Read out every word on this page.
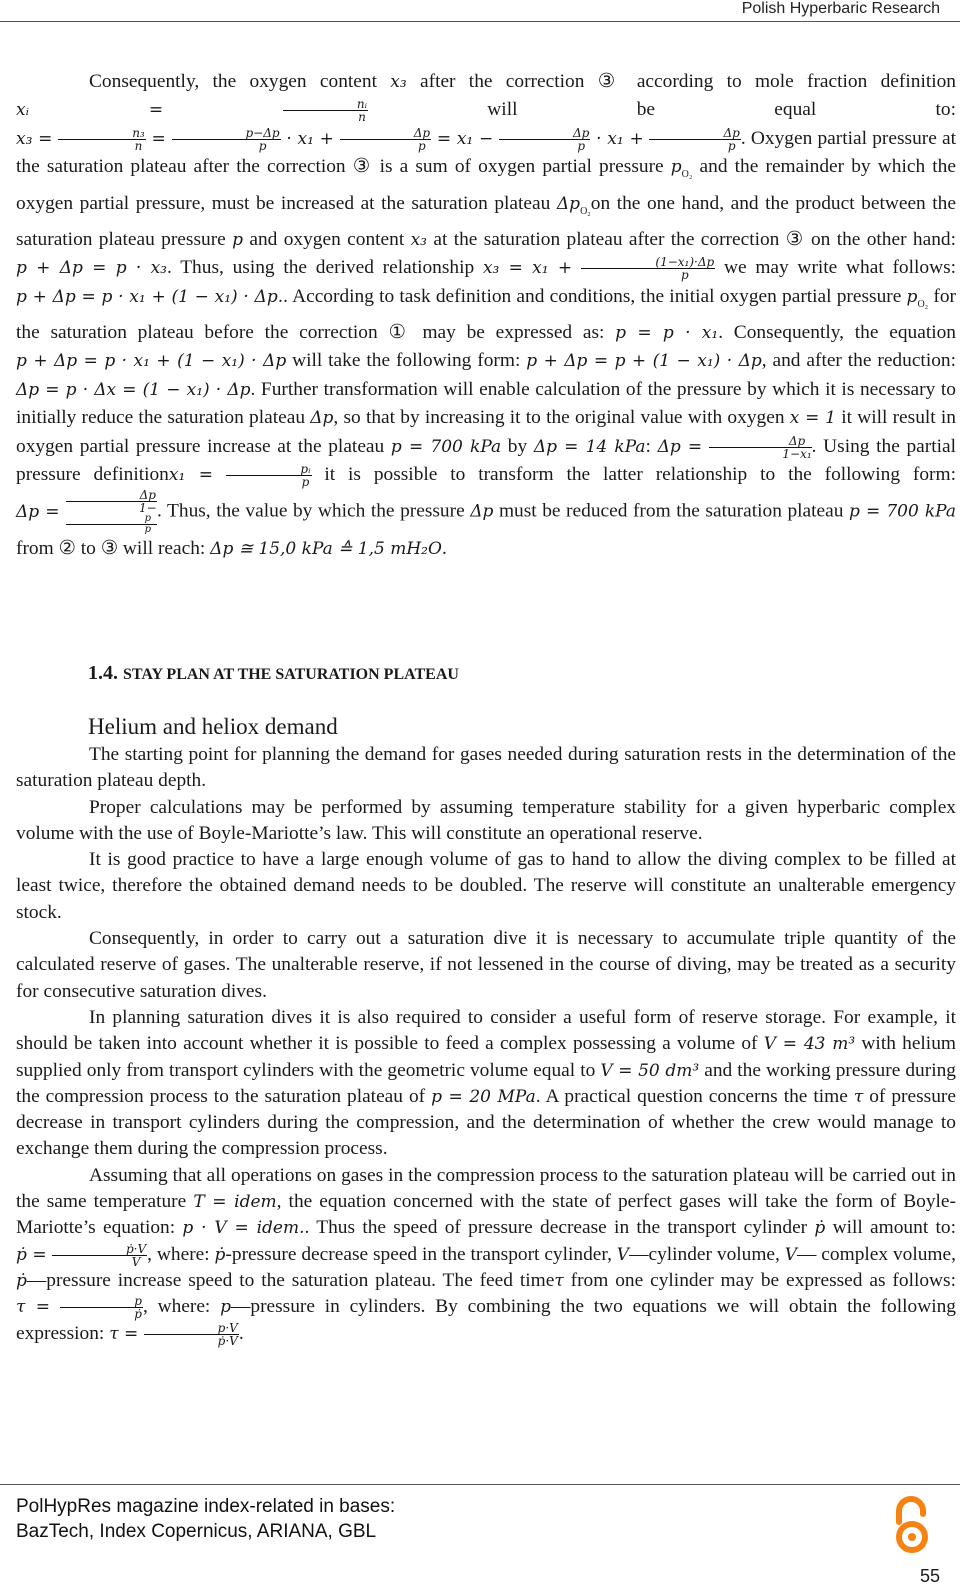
Polish Hyperbaric Research

Consequently, the oxygen content x₃ after the correction ③ according to mole fraction definition xᵢ =	$\frac{\text{nᵢ}}{n}$	will be equal to: $x_3 = \frac{\text{n₃}}{n} = \frac{p-\Delta p}{p} \cdot x_1 + \frac{\Delta p}{p} = x_1 - \frac{\Delta p}{p} \cdot x_1 + \frac{\Delta p}{p}$ . Oxygen partial pressure at the saturation plateau after the correction ③ is a sum of oxygen partial pressure $p_{O_2}$ and the remainder by which the oxygen partial pressure, must be increased at the saturation plateau $\Delta p_{O_2}on$ the one hand, and the product between the saturation plateau pressure p and oxygen content x₃ at the saturation plateau after the correction ③ on the other hand: p + Δp = p · x₃. Thus, using the derived relationship $x_3 = x_1 + \frac{\text{(1−x₁)·Δp}}{p}$ we may write what follows: p + Δp = p · x₁ + (1 − x₁) · Δp.. According to task definition and conditions, the initial oxygen partial pressure $p_{O_2}$ for the saturation plateau before the correction ① may be expressed as: p = p · x₁. Consequently, the equation p + Δp = p · x₁ + (1 − x₁) · Δp will take the following form: p + Δp = p + (1 − x₁) · Δp, and after the reduction: Δp = p · Δx = (1 − x₁) · Δp. Further transformation will enable calculation of the pressure by which it is necessary to initially reduce the saturation plateau Δp, so that by increasing it to the original value with oxygen x = 1 it will result in oxygen partial pressure increase at the plateau p = 700 kPa by Δp = 14 kPa: $\Delta p = \frac{\Delta p}{\text{1−x₁}}$ . Using the partial pressure definitionx₁ = $\frac{\text{pᵢ}}{p}$ it is possible to transform the latter relationship to the following form: Δp = Δp
1−
p
p . Thus, the value by which the pressure Δp must be reduced from the saturation plateau p = 700 kPa from ② to ③ will reach: Δp ≅ 15,0 kPa ≙ 1,5 mH₂O.

1.4. STAY PLAN AT THE SATURATION PLATEAU
Helium and heliox demand

The starting point for planning the demand for gases needed during saturation rests in the determination of the saturation plateau depth.

Proper calculations may be performed by assuming temperature stability for a given hyperbaric complex volume with the use of Boyle-Mariotte’s law. This will constitute an operational reserve.

It is good practice to have a large enough volume of gas to hand to allow the diving complex to be filled at least twice, therefore the obtained demand needs to be doubled. The reserve will constitute an unalterable emergency stock.

Consequently, in order to carry out a saturation dive it is necessary to accumulate triple quantity of the calculated reserve of gases. The unalterable reserve, if not lessened in the course of diving, may be treated as a security for consecutive saturation dives.

In planning saturation dives it is also required to consider a useful form of reserve storage. For example, it should be taken into account whether it is possible to feed a complex possessing a volume of V = 43 m³ with helium supplied only from transport cylinders with the geometric volume equal to V = 50 dm³ and the working pressure during the compression process to the saturation plateau of p = 20 MPa. A practical question concerns the time τ of pressure decrease in transport cylinders during the compression, and the determination of whether the crew would manage to exchange them during the compression process.

Assuming that all operations on gases in the compression process to the saturation plateau will be carried out in the same temperature T = idem, the equation concerned with the state of perfect gases will take the form of Boyle-Mariotte’s equation: p · V = idem.. Thus the speed of pressure decrease in the transport cylinder ṗ will amount to: ṗ = $\frac{\text{ṗ·V}}{V}$ , where: ṗ-pressure decrease speed in the transport cylinder, V—cylinder volume, V— complex volume, ṗ—pressure increase speed to the saturation plateau. The feed timeτ from one cylinder may be expressed as follows: $\tau = \frac{p}{\text{ṗ}}$ , where: p—pressure in cylinders. By combining the two equations we will obtain the following expression: $\tau = \frac{p\cdot V}{\text{ṗ·V}}$ .

PolHypRes magazine index-related in bases:
BazTech, Index Copernicus, ARIANA, GBL
55
